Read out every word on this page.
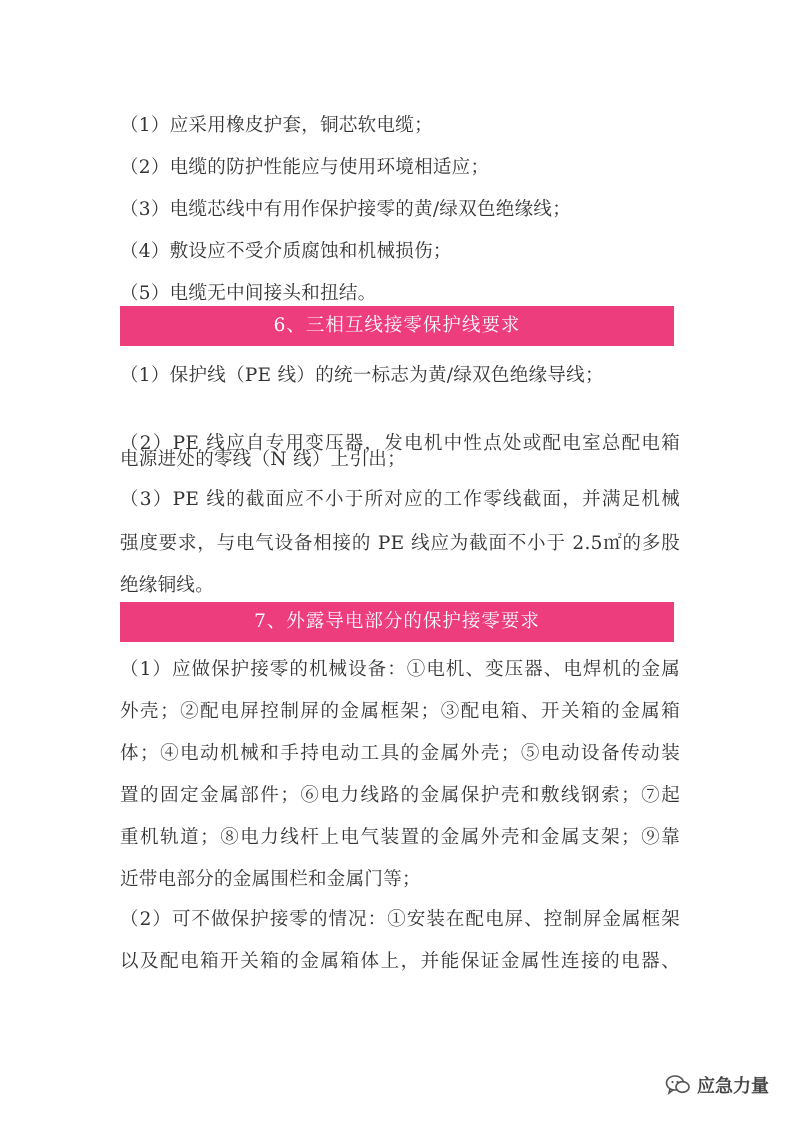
（1）应采用橡皮护套，铜芯软电缆；
（2）电缆的防护性能应与使用环境相适应；
（3）电缆芯线中有用作保护接零的黄/绿双色绝缘线；
（4）敷设应不受介质腐蚀和机械损伤；
（5）电缆无中间接头和扭结。
6、三相互线接零保护线要求
（1）保护线（PE 线）的统一标志为黄/绿双色绝缘导线；
（2）PE 线应自专用变压器，发电机中性点处或配电室总配电箱
电源进处的零线（N 线）上引出；
（3）PE 线的截面应不小于所对应的工作零线截面，并满足机械
强度要求，与电气设备相接的 PE 线应为截面不小于 2.5㎡的多股
绝缘铜线。
7、外露导电部分的保护接零要求
（1）应做保护接零的机械设备：①电机、变压器、电焊机的金属
外壳；②配电屏控制屏的金属框架；③配电箱、开关箱的金属箱
体；④电动机械和手持电动工具的金属外壳；⑤电动设备传动装
置的固定金属部件；⑥电力线路的金属保护壳和敷线钢索；⑦起
重机轨道；⑧电力线杆上电气装置的金属外壳和金属支架；⑨靠
近带电部分的金属围栏和金属门等；
（2）可不做保护接零的情况：①安装在配电屏、控制屏金属框架
以及配电箱开关箱的金属箱体上，并能保证金属性连接的电器、
应急力量
